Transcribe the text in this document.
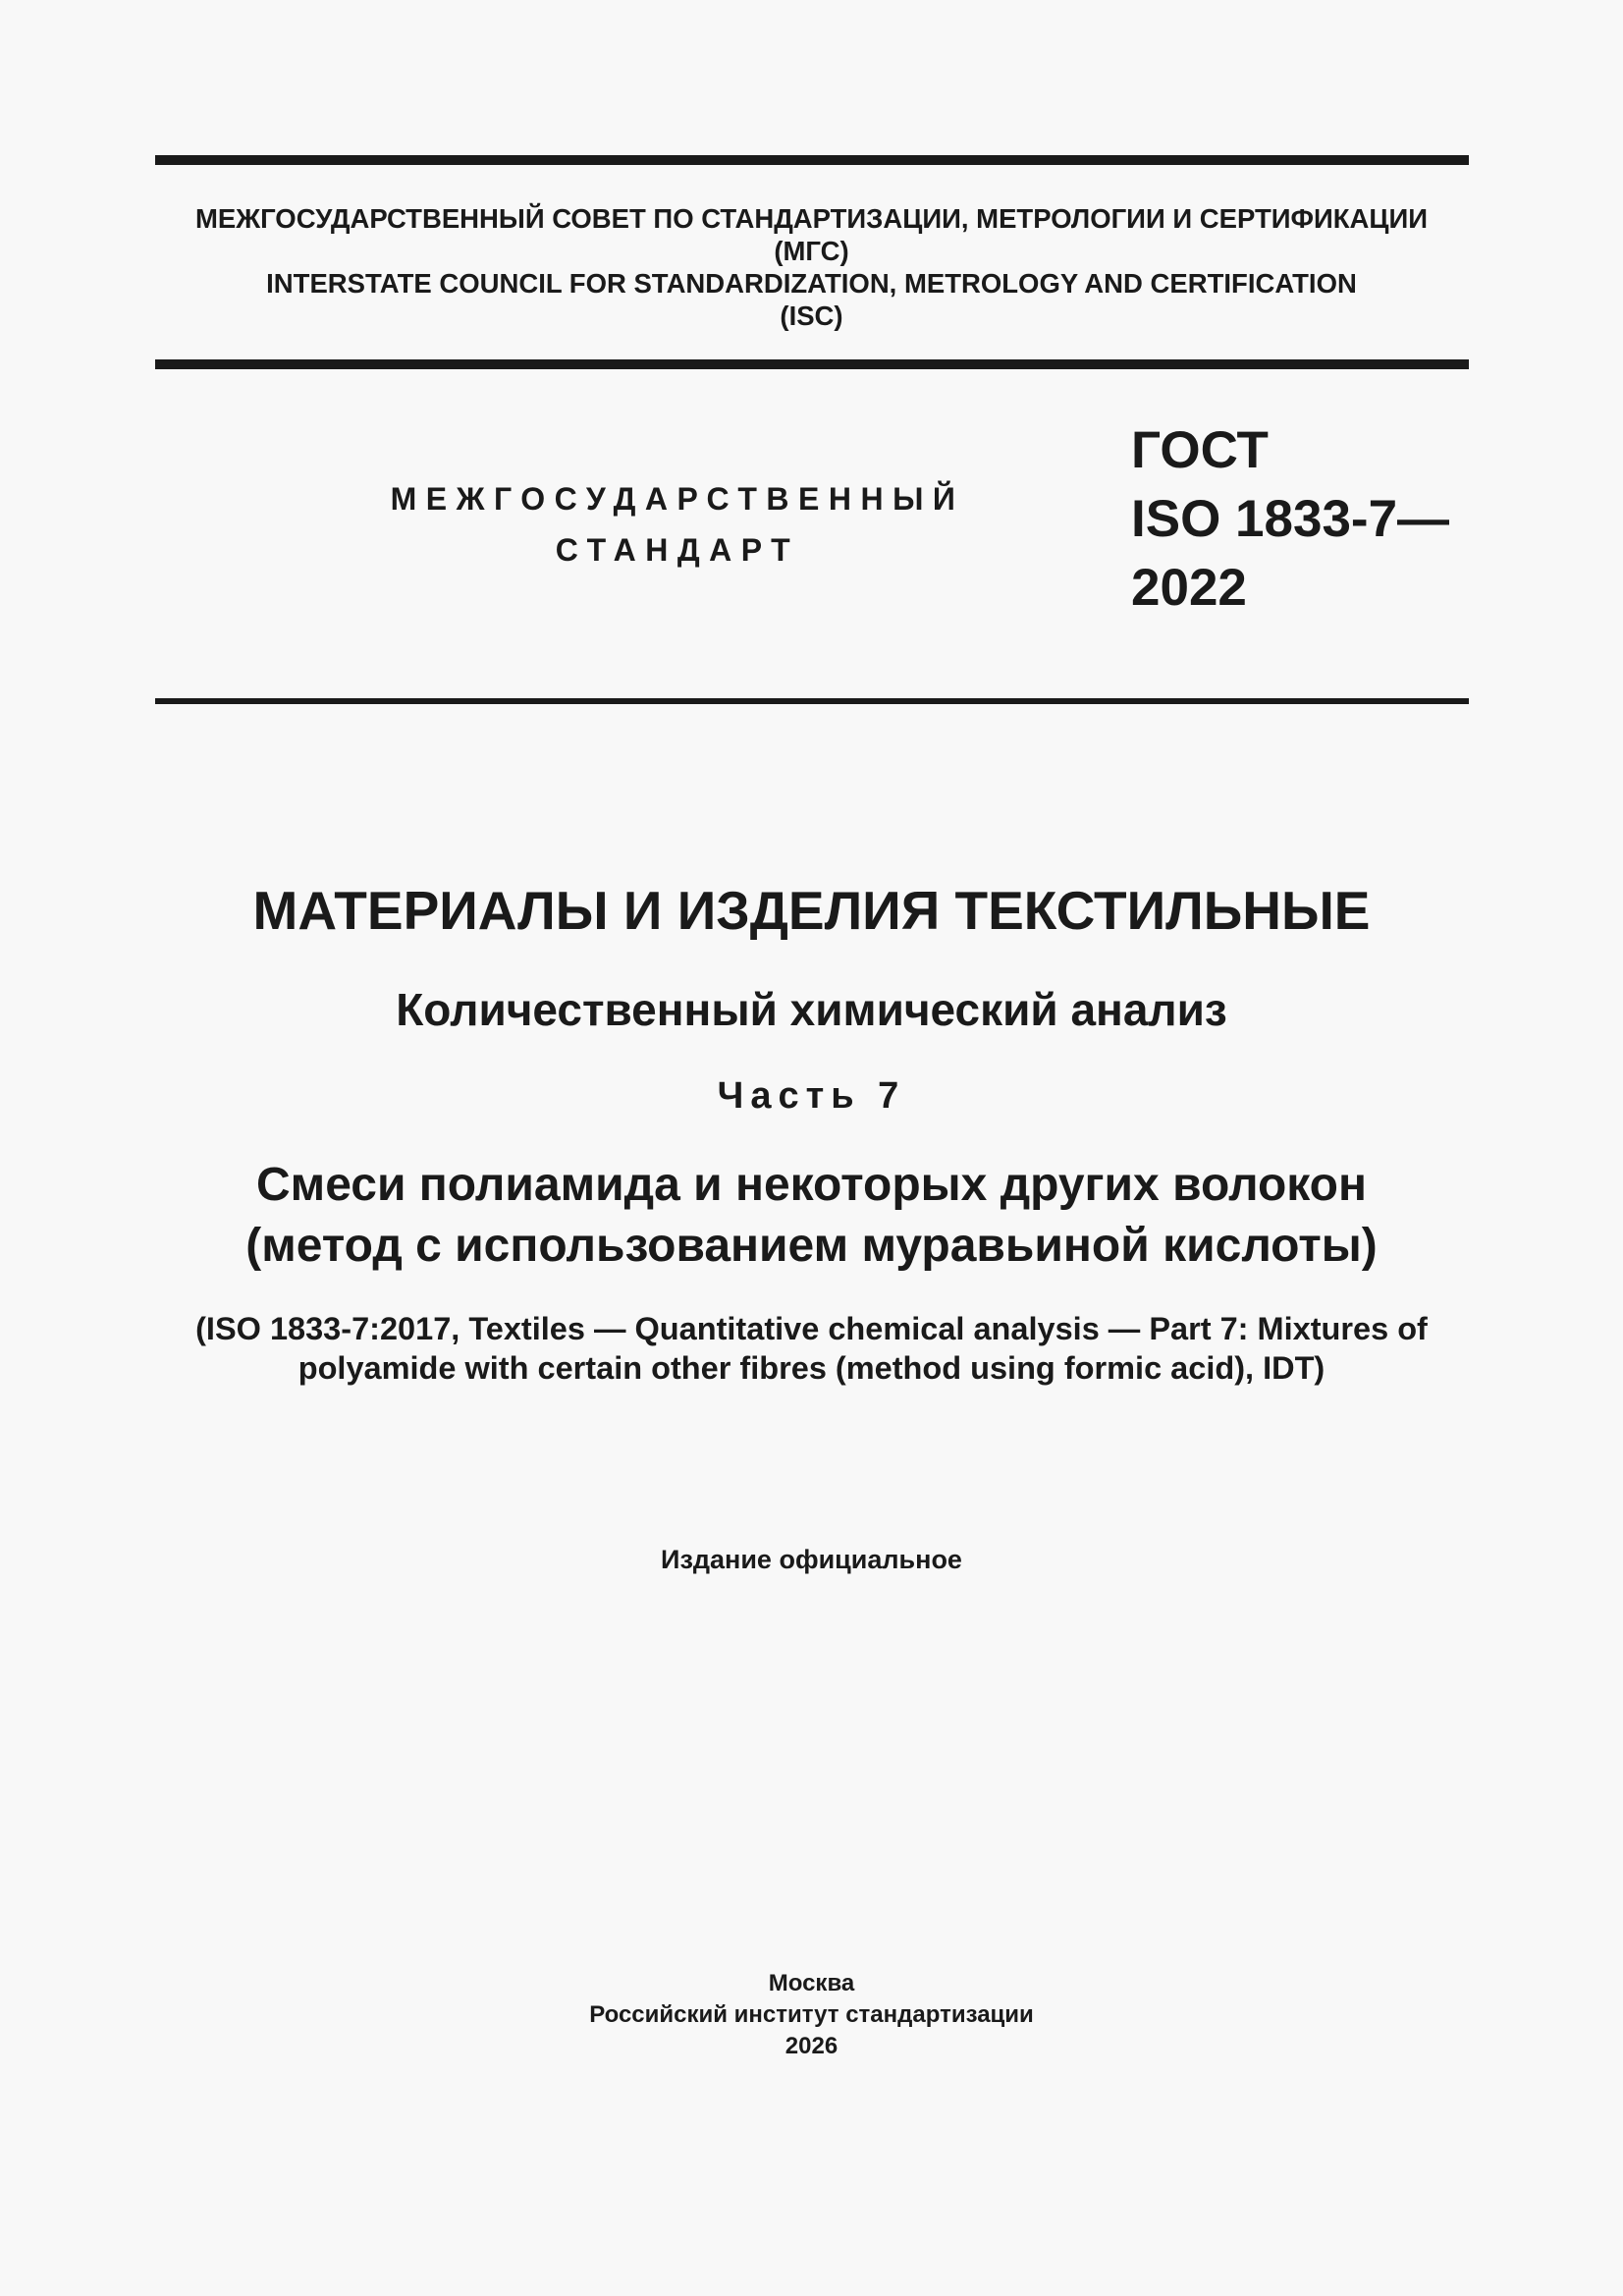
МЕЖГОСУДАРСТВЕННЫЙ СОВЕТ ПО СТАНДАРТИЗАЦИИ, МЕТРОЛОГИИ И СЕРТИФИКАЦИИ
(МГС)
INTERSTATE COUNCIL FOR STANDARDIZATION, METROLOGY AND CERTIFICATION
(ISC)
МЕЖГОСУДАРСТВЕННЫЙ
СТАНДАРТ
ГОСТ
ISO 1833-7—
2022
МАТЕРИАЛЫ И ИЗДЕЛИЯ ТЕКСТИЛЬНЫЕ
Количественный химический анализ
Часть 7
Смеси полиамида и некоторых других волокон
(метод с использованием муравьиной кислоты)
(ISO 1833-7:2017, Textiles — Quantitative chemical analysis — Part 7: Mixtures of
polyamide with certain other fibres (method using formic acid), IDT)
Издание официальное
Москва
Российский институт стандартизации
2026
